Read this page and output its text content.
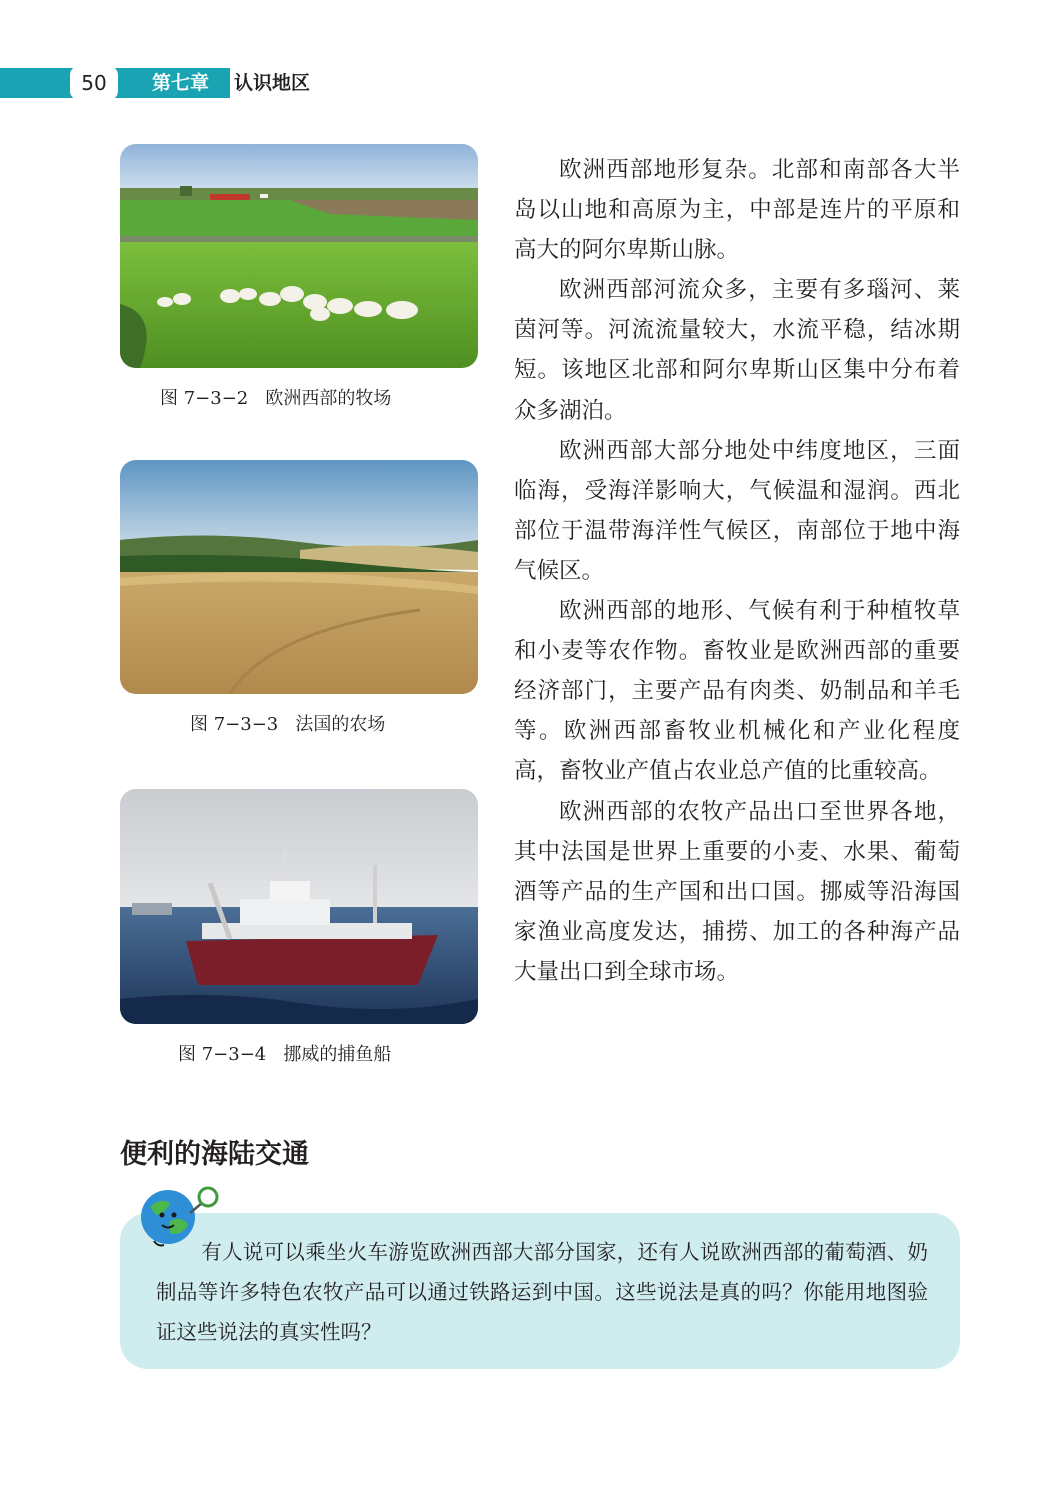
50	第七章 认识地区
图 7−3−2   欧洲西部的牧场
图 7−3−3   法国的农场
图 7−3−4   挪威的捕鱼船

欧洲西部地形复杂。北部和南部各大半岛以山地和高原为主，中部是连片的平原和高大的阿尔卑斯山脉。

欧洲西部河流众多，主要有多瑙河、莱茵河等。河流流量较大，水流平稳，结冰期短。该地区北部和阿尔卑斯山区集中分布着众多湖泊。

欧洲西部大部分地处中纬度地区，三面临海，受海洋影响大，气候温和湿润。西北部位于温带海洋性气候区，南部位于地中海气候区。

欧洲西部的地形、气候有利于种植牧草和小麦等农作物。畜牧业是欧洲西部的重要经济部门，主要产品有肉类、奶制品和羊毛等。欧洲西部畜牧业机械化和产业化程度高，畜牧业产值占农业总产值的比重较高。

欧洲西部的农牧产品出口至世界各地，其中法国是世界上重要的小麦、水果、葡萄酒等产品的生产国和出口国。挪威等沿海国家渔业高度发达，捕捞、加工的各种海产品大量出口到全球市场。

便利的海陆交通

有人说可以乘坐火车游览欧洲西部大部分国家，还有人说欧洲西部的葡萄酒、奶制品等许多特色农牧产品可以通过铁路运到中国。这些说法是真的吗？你能用地图验证这些说法的真实性吗？
